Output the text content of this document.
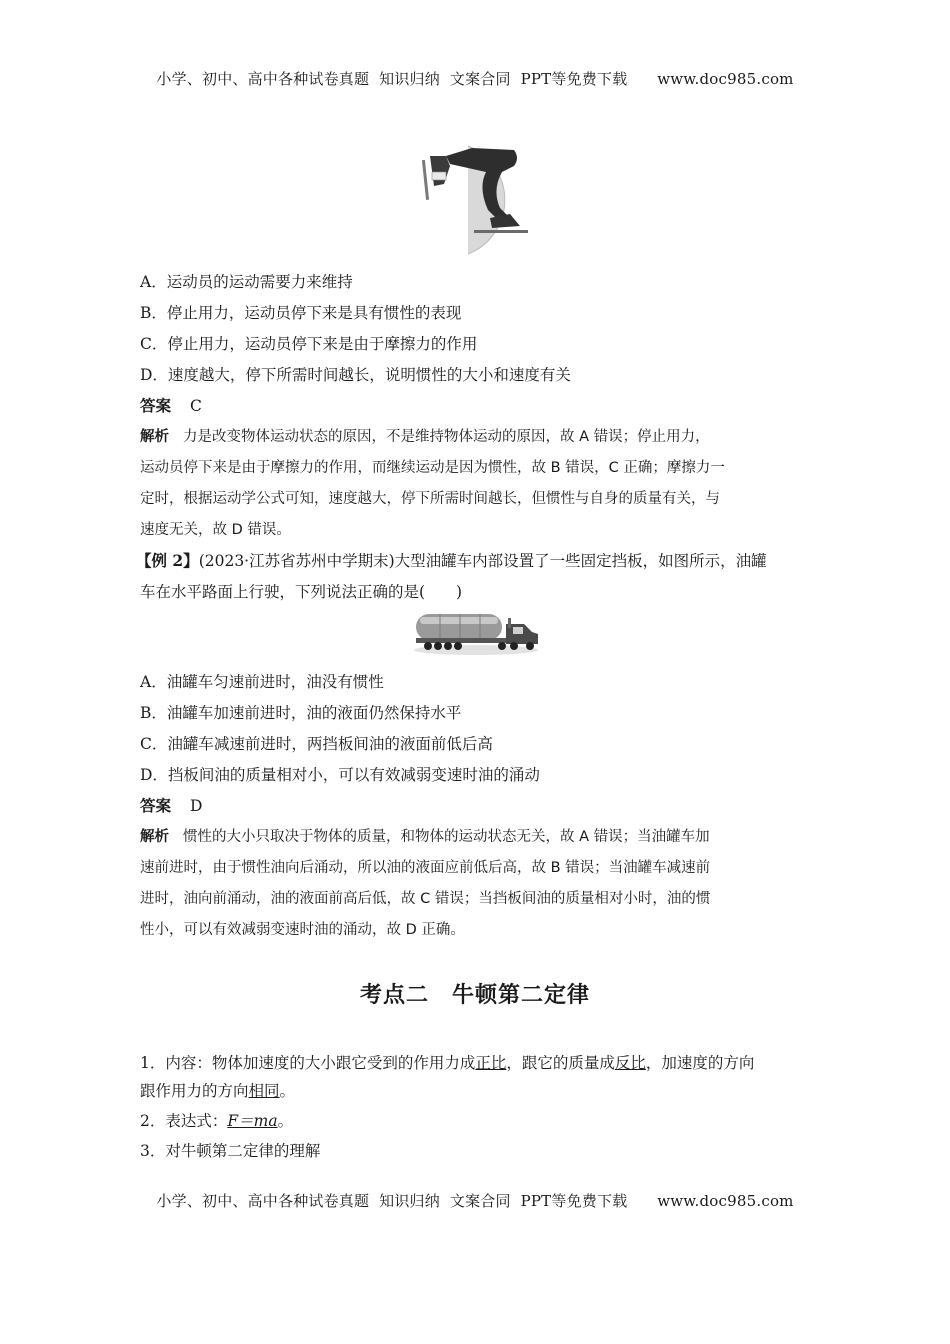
小学、初中、高中各种试卷真题  知识归纳  文案合同  PPT等免费下载      www.doc985.com
A．运动员的运动需要力来维持
B．停止用力，运动员停下来是具有惯性的表现
C．停止用力，运动员停下来是由于摩擦力的作用
D．速度越大，停下所需时间越长，说明惯性的大小和速度有关
答案 C
解析 力是改变物体运动状态的原因，不是维持物体运动的原因，故 A 错误；停止用力，
运动员停下来是由于摩擦力的作用，而继续运动是因为惯性，故 B 错误，C 正确；摩擦力一
定时，根据运动学公式可知，速度越大，停下所需时间越长，但惯性与自身的质量有关，与
速度无关，故 D 错误。
【例 2】(2023·江苏省苏州中学期末)大型油罐车内部设置了一些固定挡板，如图所示，油罐
车在水平路面上行驶，下列说法正确的是(　　)
A．油罐车匀速前进时，油没有惯性
B．油罐车加速前进时，油的液面仍然保持水平
C．油罐车减速前进时，两挡板间油的液面前低后高
D．挡板间油的质量相对小，可以有效减弱变速时油的涌动
答案 D
解析 惯性的大小只取决于物体的质量，和物体的运动状态无关，故 A 错误；当油罐车加
速前进时，由于惯性油向后涌动，所以油的液面应前低后高，故 B 错误；当油罐车减速前
进时，油向前涌动，油的液面前高后低，故 C 错误；当挡板间油的质量相对小时，油的惯
性小，可以有效减弱变速时油的涌动，故 D 正确。
考点二　牛顿第二定律
1．内容：物体加速度的大小跟它受到的作用力成正比，跟它的质量成反比，加速度的方向
跟作用力的方向相同。
2．表达式：F＝ma。
3．对牛顿第二定律的理解
小学、初中、高中各种试卷真题  知识归纳  文案合同  PPT等免费下载      www.doc985.com
